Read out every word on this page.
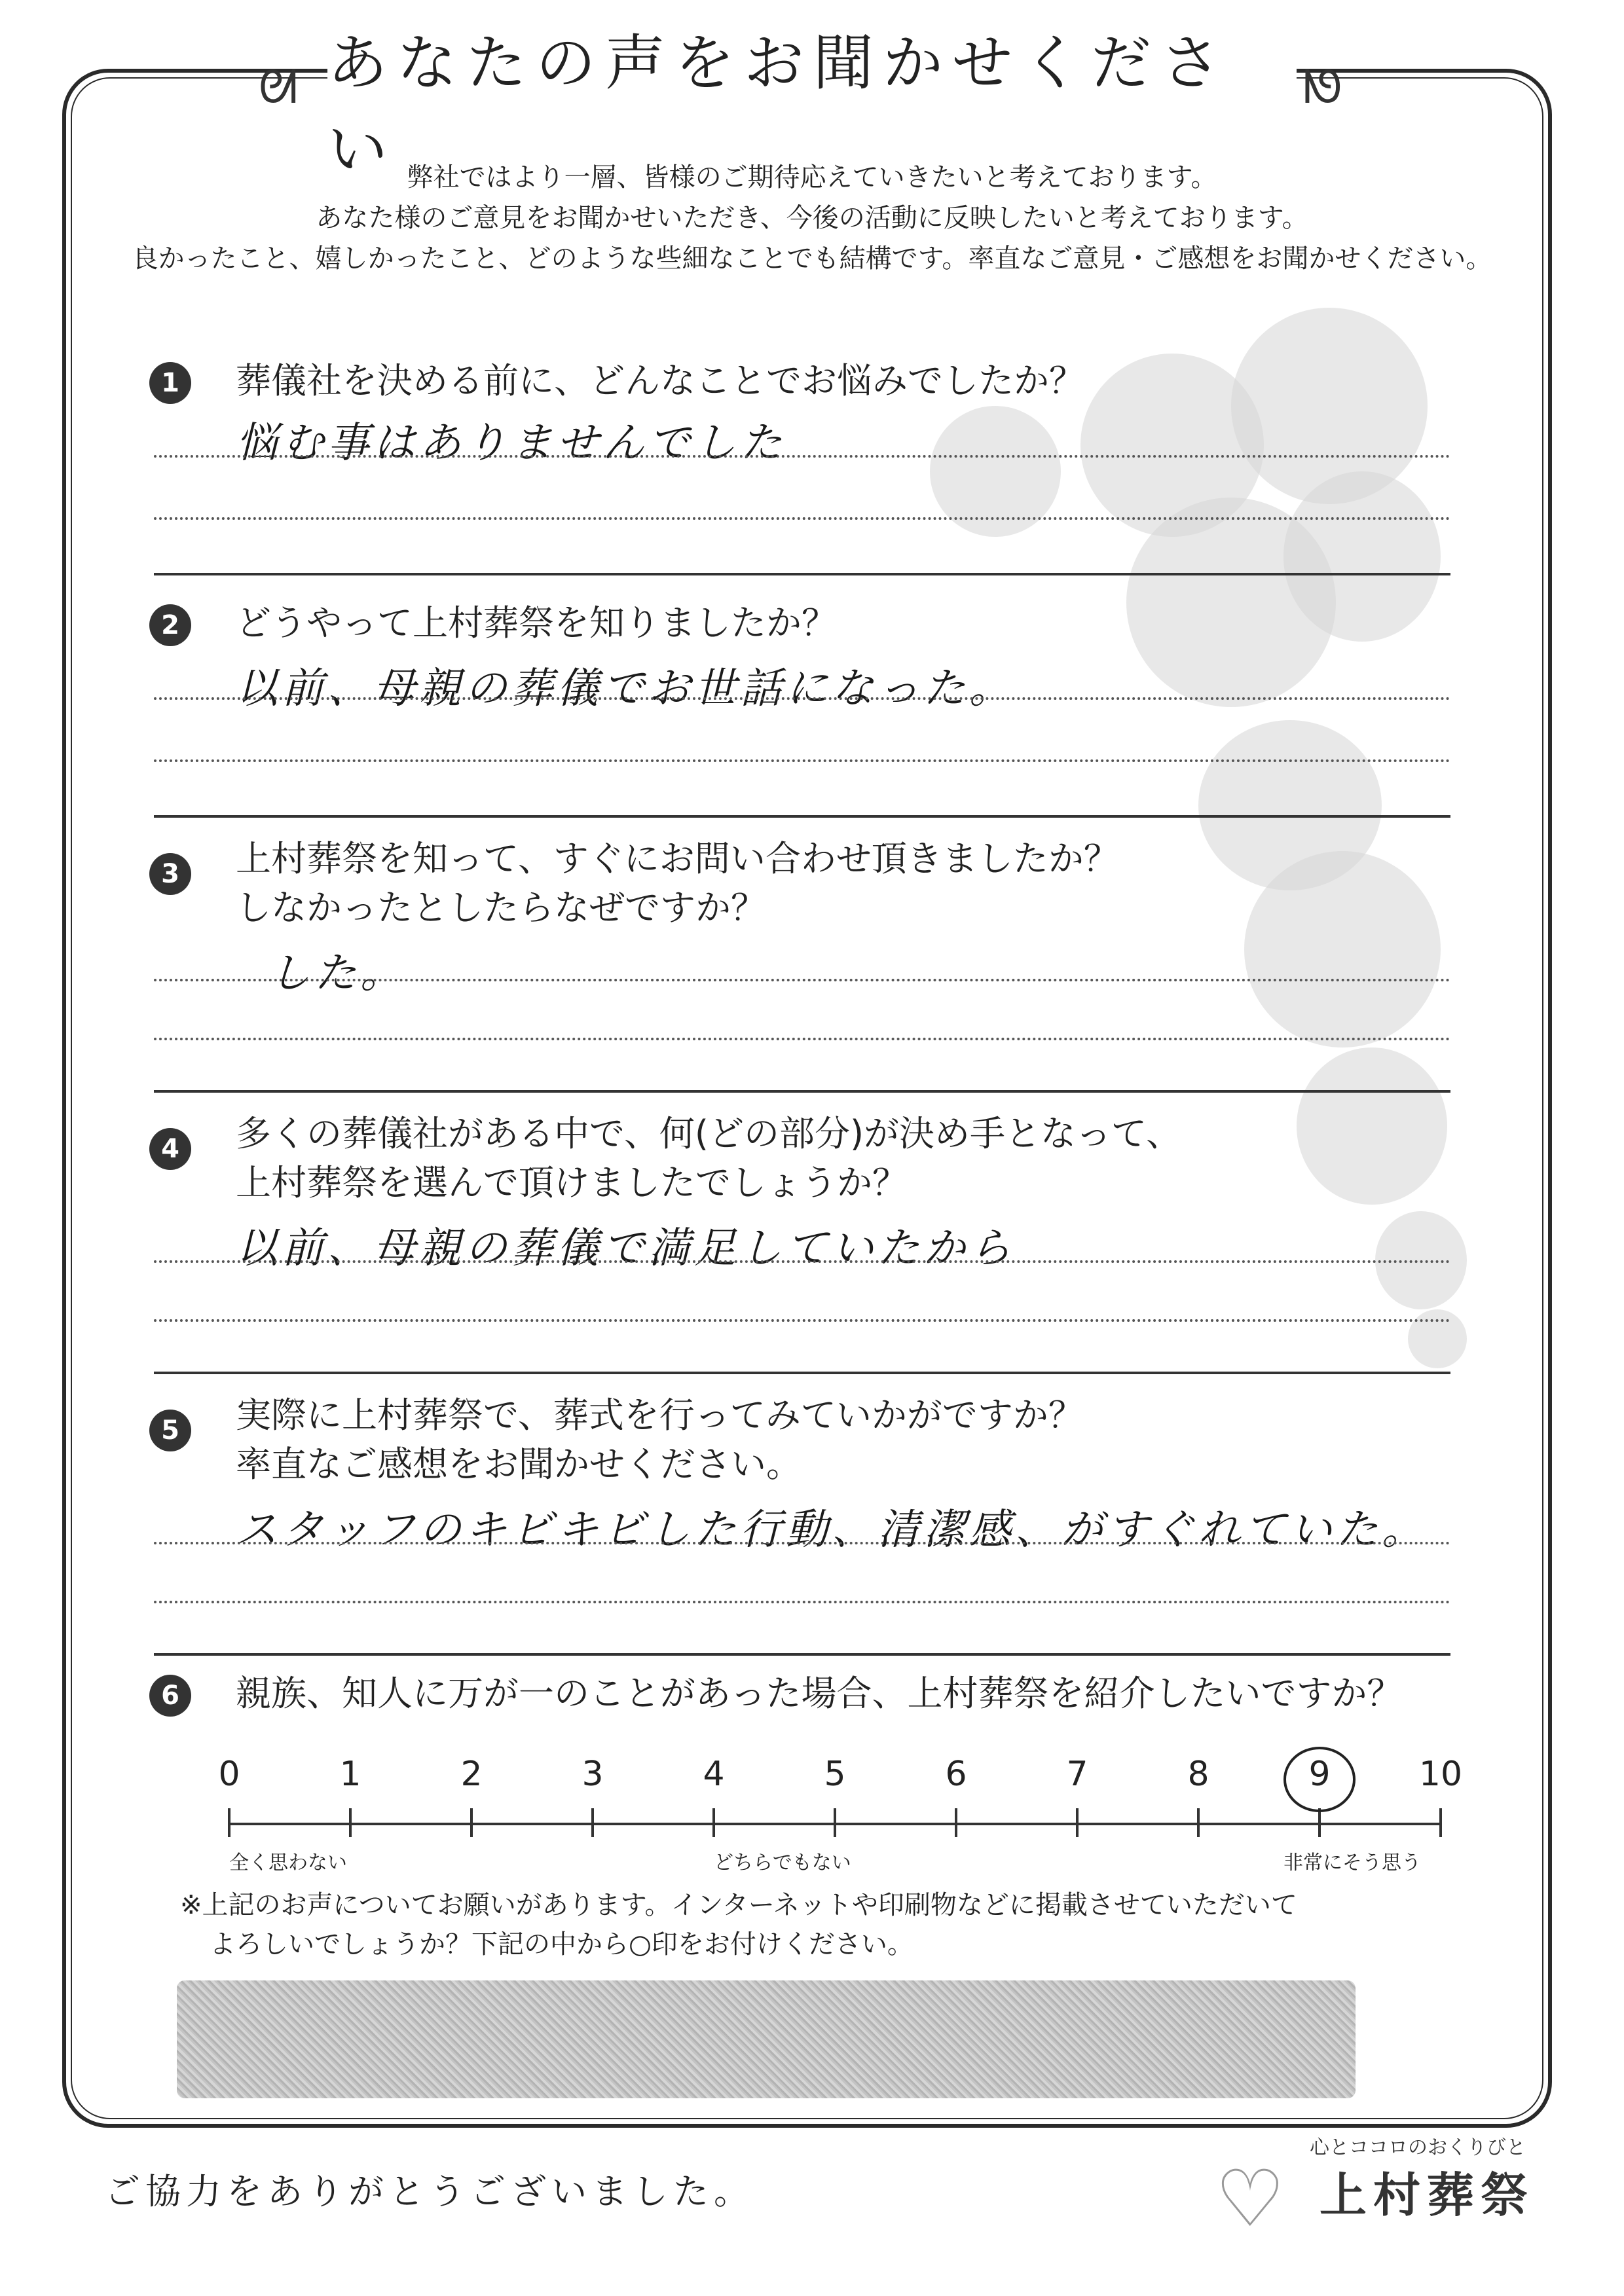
あなたの声をお聞かせください
ᘛ	ᘚ
弊社ではより一層、皆様のご期待応えていきたいと考えております。
あなた様のご意見をお聞かせいただき、今後の活動に反映したいと考えております。
良かったこと、嬉しかったこと、どのような些細なことでも結構です。率直なご意見・ご感想をお聞かせください。
1	葬儀社を決める前に、どんなことでお悩みでしたか？
悩む事はありませんでした
2	どうやって上村葬祭を知りましたか？
以前、母親の葬儀でお世話になった。
3	上村葬祭を知って、すぐにお問い合わせ頂きましたか？
しなかったとしたらなぜですか？
した。
4	多くの葬儀社がある中で、何(どの部分)が決め手となって、
上村葬祭を選んで頂けましたでしょうか？
以前、母親の葬儀で満足していたから
5	実際に上村葬祭で、葬式を行ってみていかがですか？
率直なご感想をお聞かせください。
スタッフのキビキビした行動、清潔感、がすぐれていた。
6	親族、知人に万が一のことがあった場合、上村葬祭を紹介したいですか？
全く思わない	どちらでもない	非常にそう思う
0	1	2	3	4	5	6	7	8	9	10
※上記のお声についてお願いがあります。インターネットや印刷物などに掲載させていただいて
よろしいでしょうか？下記の中から○印をお付けください。
ご協力をありがとうございました。	♡
心とココロのおくりびと
上村葬祭
